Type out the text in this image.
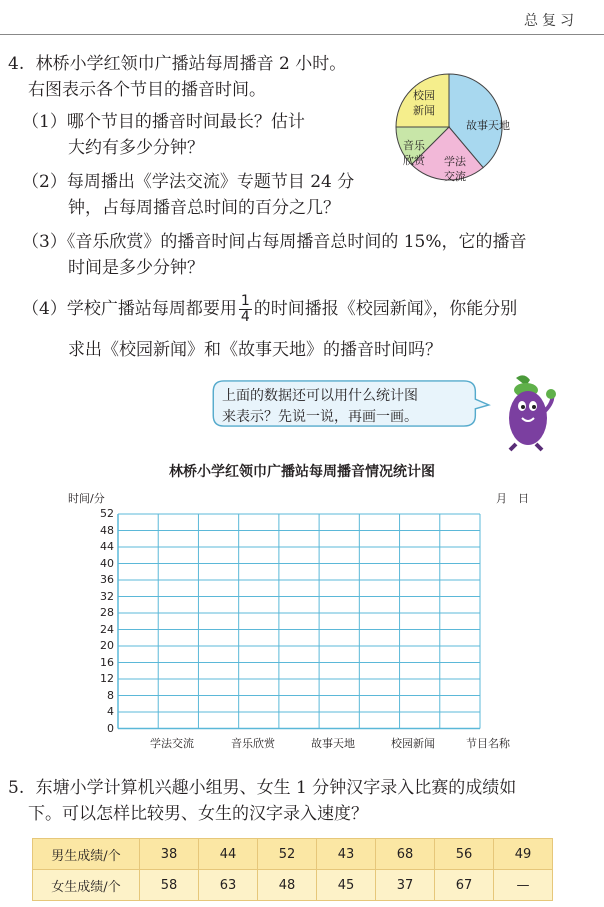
总复习
4. 林桥小学红领巾广播站每周播音 2 小时。
右图表示各个节目的播音时间。
（1）哪个节目的播音时间最长？估计
大约有多少分钟？
（2）每周播出《学法交流》专题节目 24 分
钟，占每周播音总时间的百分之几？
（3）《音乐欣赏》的播音时间占每周播音总时间的 15%，它的播音
时间是多少分钟？
（4）学校广播站每周都要用 $\frac{1}{4}$ 的时间播报《校园新闻》，你能分别
求出《校园新闻》和《故事天地》的播音时间吗？
校园
新闻
故事天地
音乐
欣赏 学法
交流
上面的数据还可以用什么统计图
来表示？先说一说，再画一画。
林桥小学红领巾广播站每周播音情况统计图
时间/分	月　日
0
4
8
12
16
20
24
28
32
36
40
44
48
52
学法交流	音乐欣赏	故事天地	校园新闻	节目名称
5. 东塘小学计算机兴趣小组男、女生 1 分钟汉字录入比赛的成绩如
下。可以怎样比较男、女生的汉字录入速度？
男生成绩/个	38	44	52	43	68	56	49
女生成绩/个	58	63	48	45	37	67	—
